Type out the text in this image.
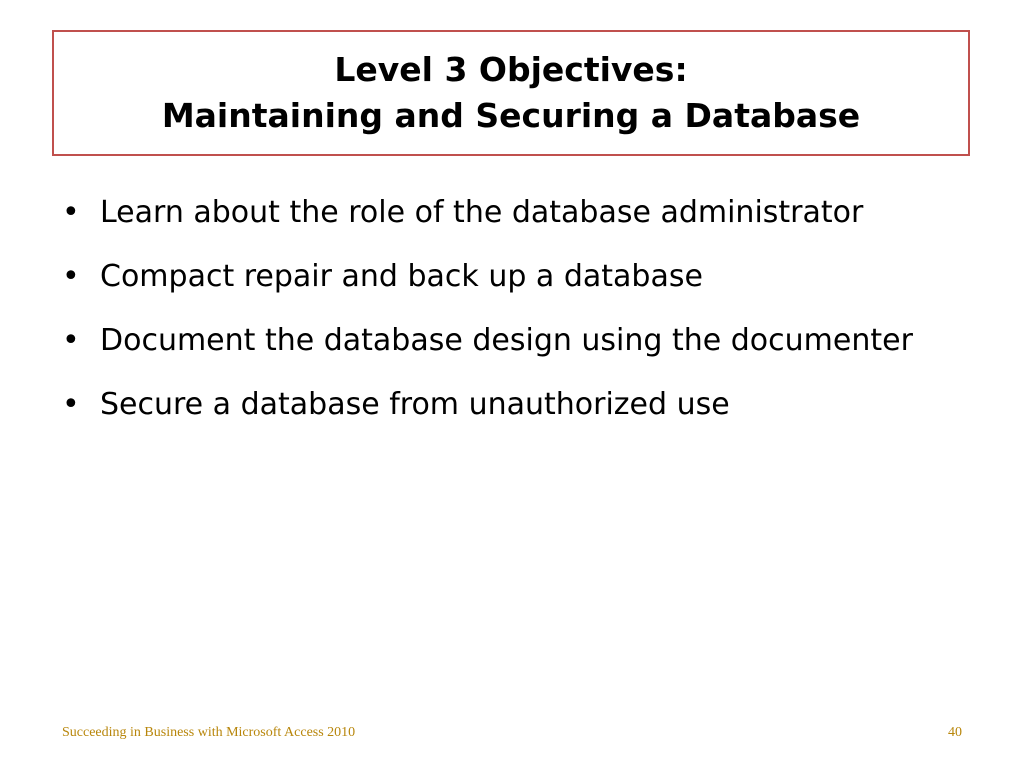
Level 3 Objectives:
Maintaining and Securing a Database
• Learn about the role of the database administrator
• Compact repair and back up a database
• Document the database design using the documenter
• Secure a database from unauthorized use
Succeeding in Business with Microsoft Access 2010	40
